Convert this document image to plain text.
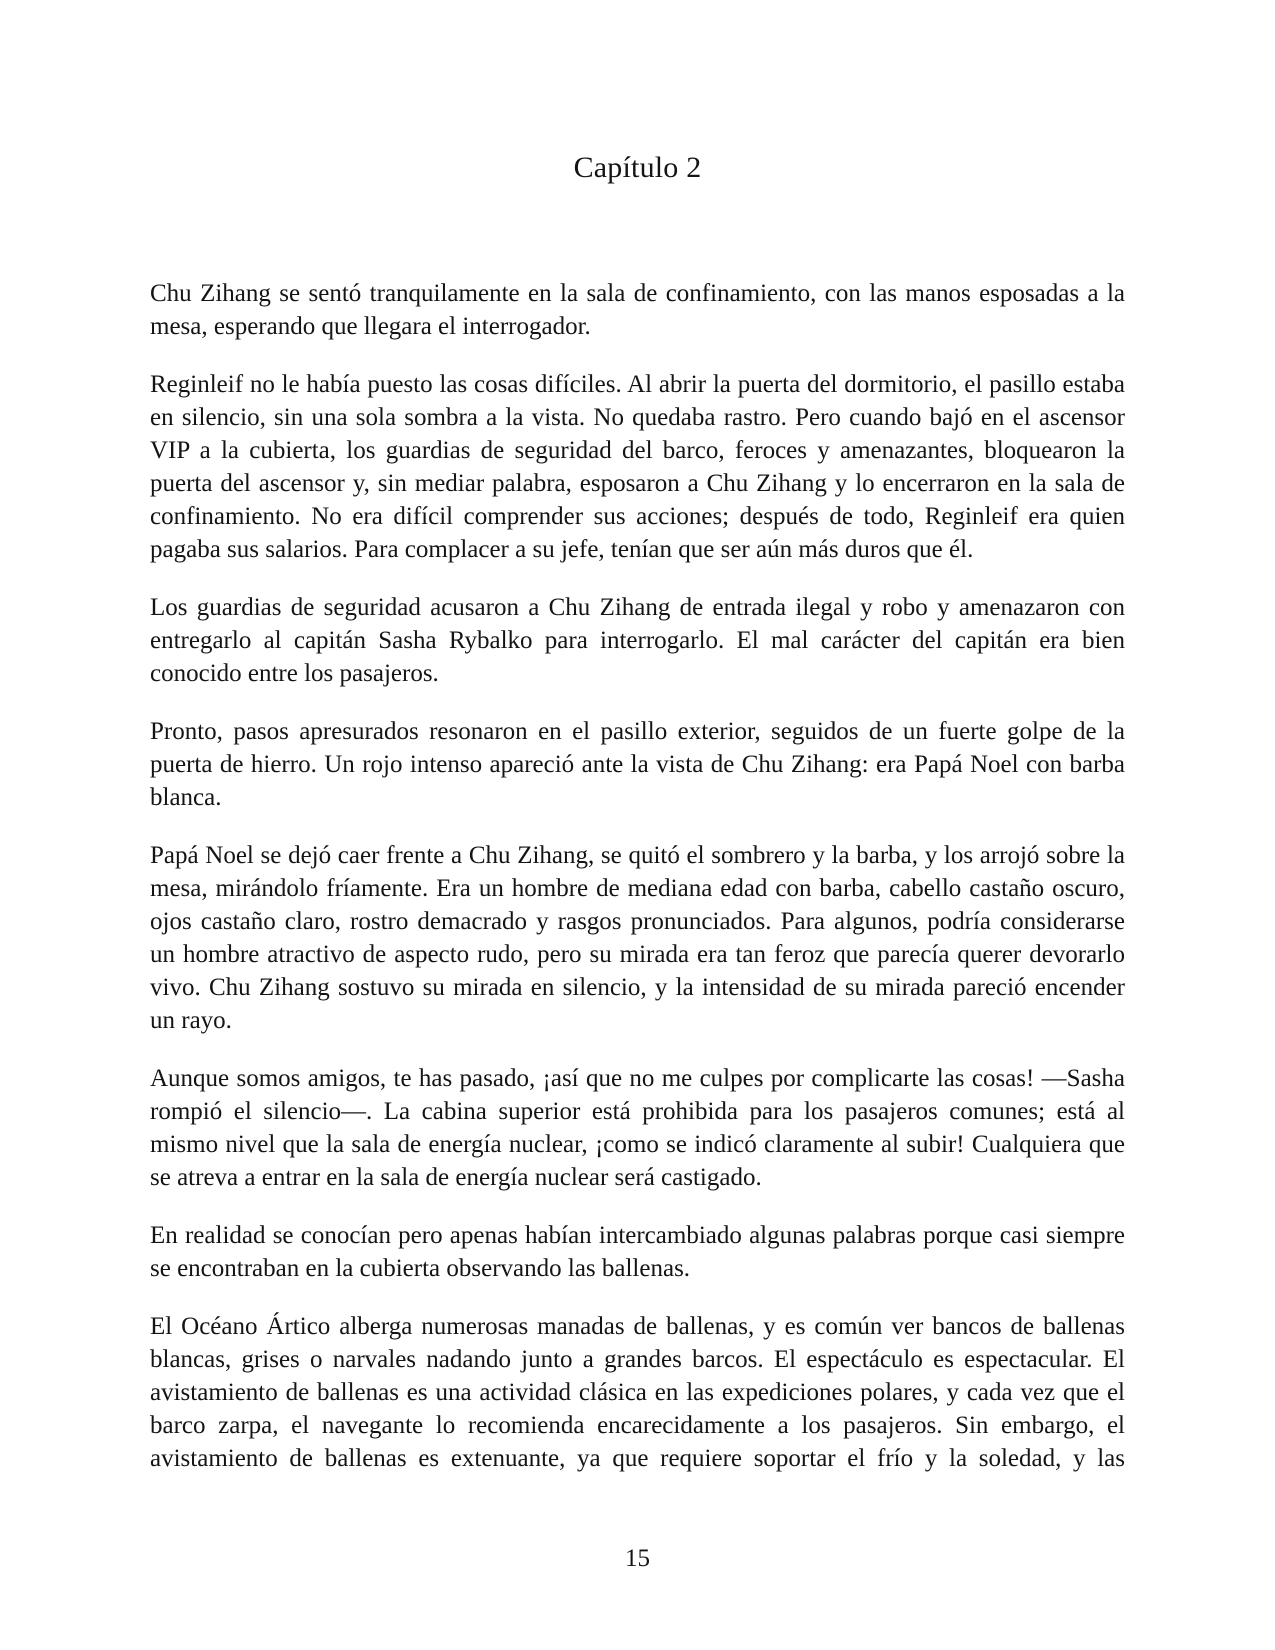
Capítulo 2

Chu Zihang se sentó tranquilamente en la sala de confinamiento, con las manos esposadas a la mesa, esperando que llegara el interrogador.

Reginleif no le había puesto las cosas difíciles. Al abrir la puerta del dormitorio, el pasillo estaba en silencio, sin una sola sombra a la vista. No quedaba rastro. Pero cuando bajó en el ascensor VIP a la cubierta, los guardias de seguridad del barco, feroces y amenazantes, bloquearon la puerta del ascensor y, sin mediar palabra, esposaron a Chu Zihang y lo encerraron en la sala de confinamiento. No era difícil comprender sus acciones; después de todo, Reginleif era quien pagaba sus salarios. Para complacer a su jefe, tenían que ser aún más duros que él.

Los guardias de seguridad acusaron a Chu Zihang de entrada ilegal y robo y amenazaron con entregarlo al capitán Sasha Rybalko para interrogarlo. El mal carácter del capitán era bien conocido entre los pasajeros.

Pronto, pasos apresurados resonaron en el pasillo exterior, seguidos de un fuerte golpe de la puerta de hierro. Un rojo intenso apareció ante la vista de Chu Zihang: era Papá Noel con barba blanca.

Papá Noel se dejó caer frente a Chu Zihang, se quitó el sombrero y la barba, y los arrojó sobre la mesa, mirándolo fríamente. Era un hombre de mediana edad con barba, cabello castaño oscuro, ojos castaño claro, rostro demacrado y rasgos pronunciados. Para algunos, podría considerarse un hombre atractivo de aspecto rudo, pero su mirada era tan feroz que parecía querer devorarlo vivo. Chu Zihang sostuvo su mirada en silencio, y la intensidad de su mirada pareció encender un rayo.

Aunque somos amigos, te has pasado, ¡así que no me culpes por complicarte las cosas! —Sasha rompió el silencio—. La cabina superior está prohibida para los pasajeros comunes; está al mismo nivel que la sala de energía nuclear, ¡como se indicó claramente al subir! Cualquiera que se atreva a entrar en la sala de energía nuclear será castigado.

En realidad se conocían pero apenas habían intercambiado algunas palabras porque casi siempre se encontraban en la cubierta observando las ballenas.

El Océano Ártico alberga numerosas manadas de ballenas, y es común ver bancos de ballenas blancas, grises o narvales nadando junto a grandes barcos. El espectáculo es espectacular. El avistamiento de ballenas es una actividad clásica en las expediciones polares, y cada vez que el barco zarpa, el navegante lo recomienda encarecidamente a los pasajeros. Sin embargo, el avistamiento de ballenas es extenuante, ya que requiere soportar el frío y la soledad, y las

15
